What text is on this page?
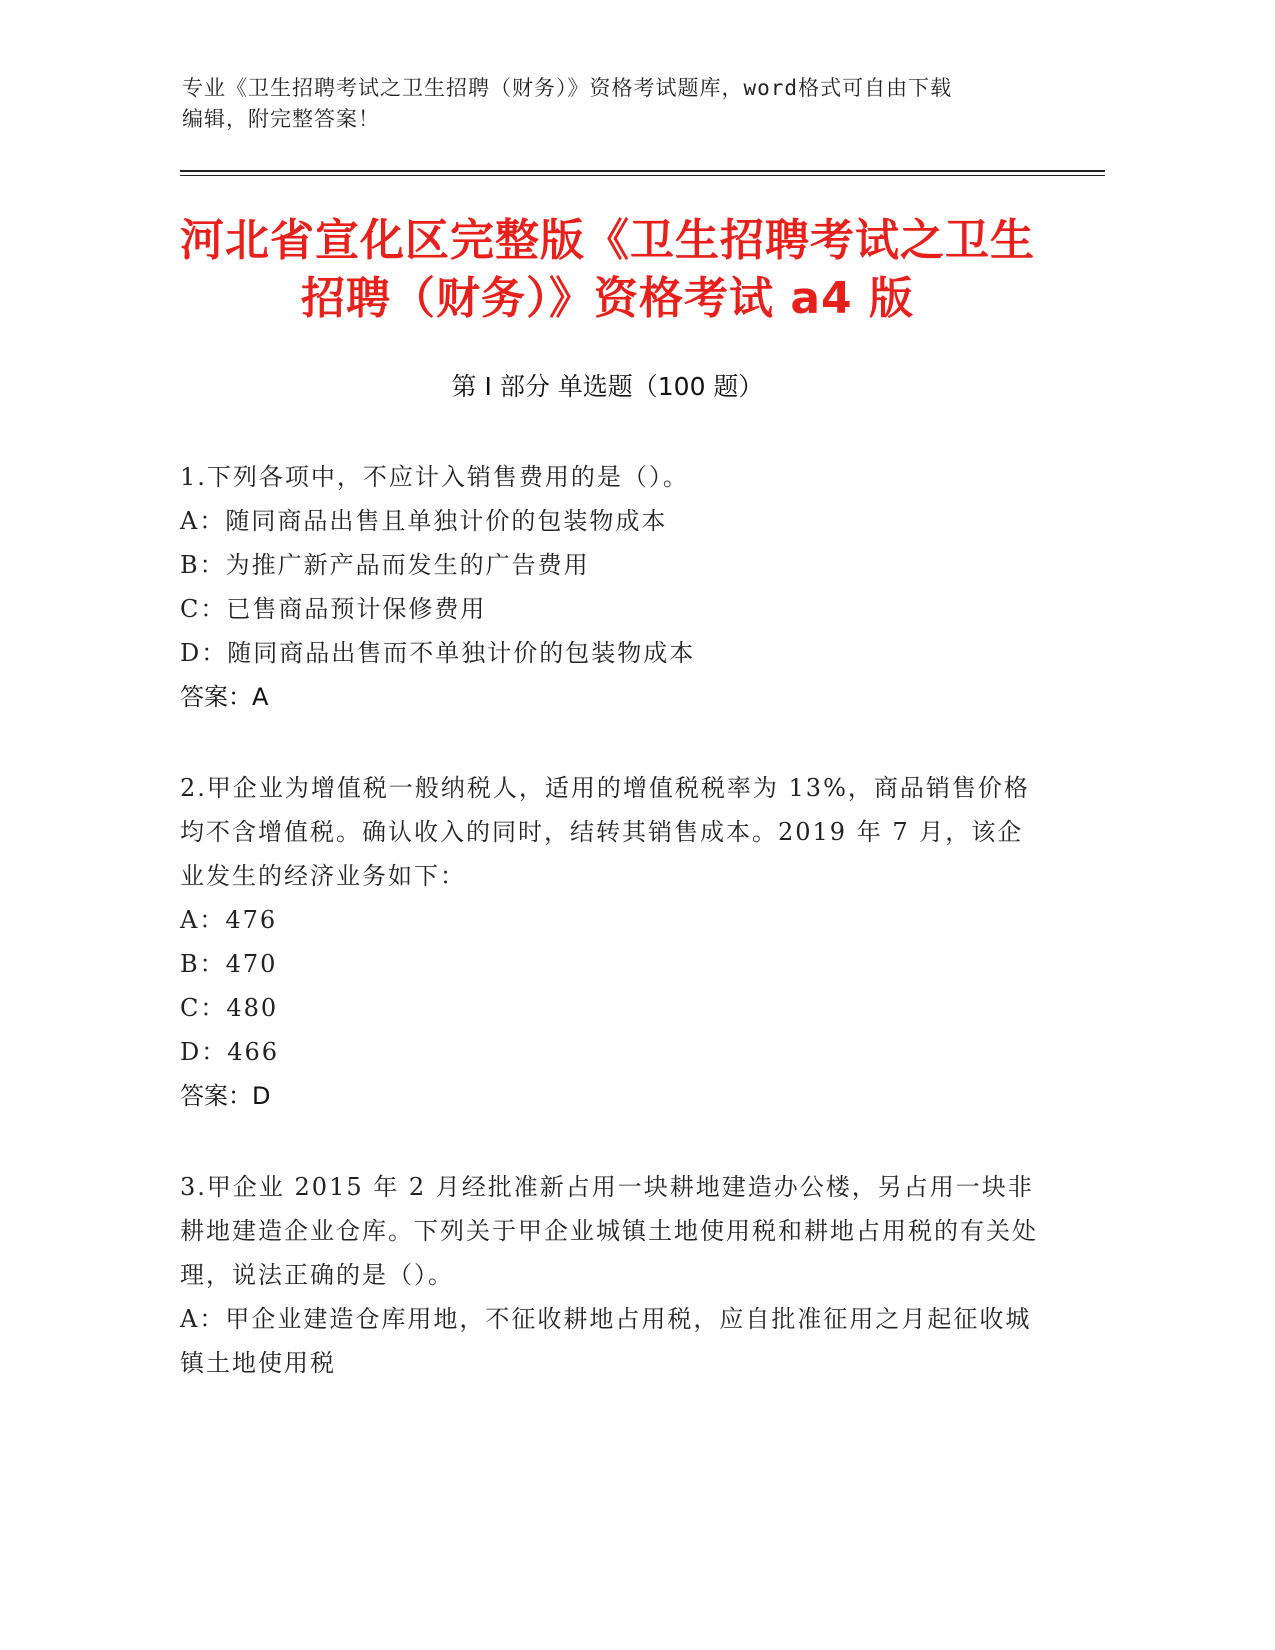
专业《卫生招聘考试之卫生招聘（财务）》资格考试题库，word格式可自由下载
编辑，附完整答案！
河北省宣化区完整版《卫生招聘考试之卫生
招聘（财务）》资格考试 a4 版
第 I 部分 单选题（100 题）

1.下列各项中，不应计入销售费用的是（）。

A：随同商品出售且单独计价的包装物成本

B：为推广新产品而发生的广告费用

C：已售商品预计保修费用

D：随同商品出售而不单独计价的包装物成本

答案：A

2.甲企业为增值税一般纳税人，适用的增值税税率为 13%，商品销售价格均不含增值税。确认收入的同时，结转其销售成本。2019 年 7 月，该企业发生的经济业务如下：

A：476

B：470

C：480

D：466

答案：D

3.甲企业 2015 年 2 月经批准新占用一块耕地建造办公楼，另占用一块非耕地建造企业仓库。下列关于甲企业城镇土地使用税和耕地占用税的有关处理，说法正确的是（）。

A：甲企业建造仓库用地，不征收耕地占用税，应自批准征用之月起征收城镇土地使用税
